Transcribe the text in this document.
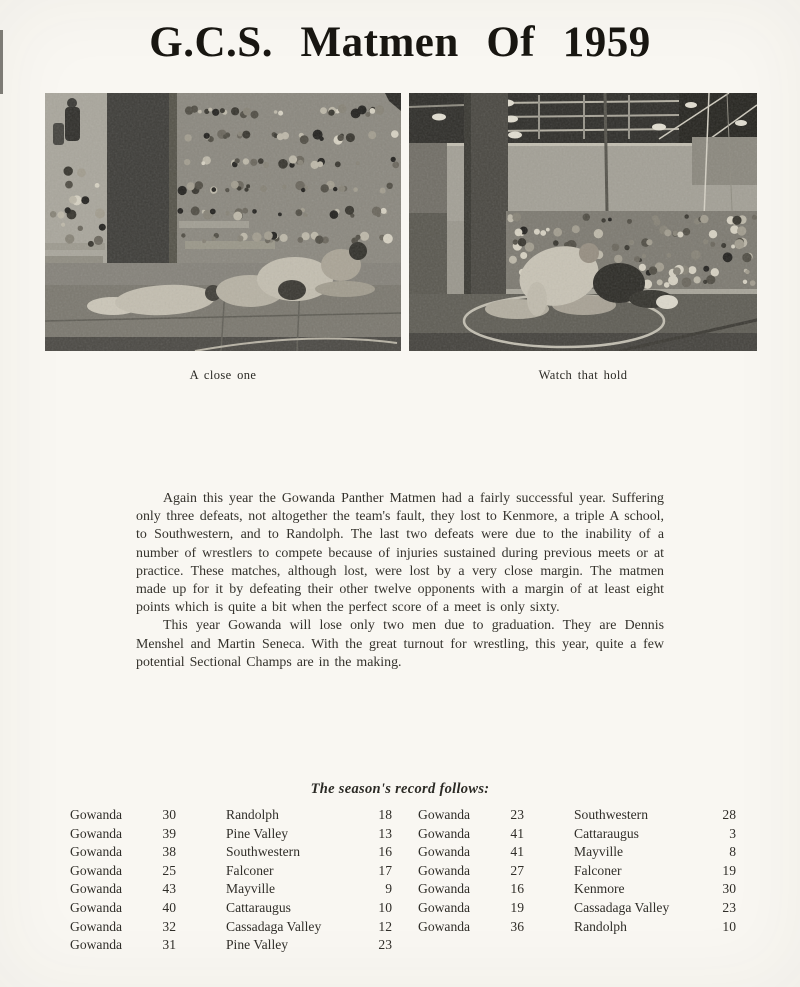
G.C.S. Matmen Of 1959
A close one	Watch that hold

Again this year the Gowanda Panther Matmen had a fairly successful year. Suffering only three defeats, not altogether the team's fault, they lost to Kenmore, a triple A school, to Southwestern, and to Randolph. The last two defeats were due to the inability of a number of wrestlers to compete because of injuries sustained during previous meets or at practice. These matches, although lost, were lost by a very close margin. The matmen made up for it by defeating their other twelve opponents with a margin of at least eight points which is quite a bit when the perfect score of a meet is only sixty.

This year Gowanda will lose only two men due to graduation. They are Dennis Menshel and Martin Seneca. With the great turnout for wrestling, this year, quite a few potential Sectional Champs are in the making.

The season's record follows:
Gowanda	30	Randolph	18
Gowanda	39	Pine Valley	13
Gowanda	38	Southwestern	16
Gowanda	25	Falconer	17
Gowanda	43	Mayville	9
Gowanda	40	Cattaraugus	10
Gowanda	32	Cassadaga Valley	12
Gowanda	31	Pine Valley	23
Gowanda	23	Southwestern	28
Gowanda	41	Cattaraugus	3
Gowanda	41	Mayville	8
Gowanda	27	Falconer	19
Gowanda	16	Kenmore	30
Gowanda	19	Cassadaga Valley	23
Gowanda	36	Randolph	10
